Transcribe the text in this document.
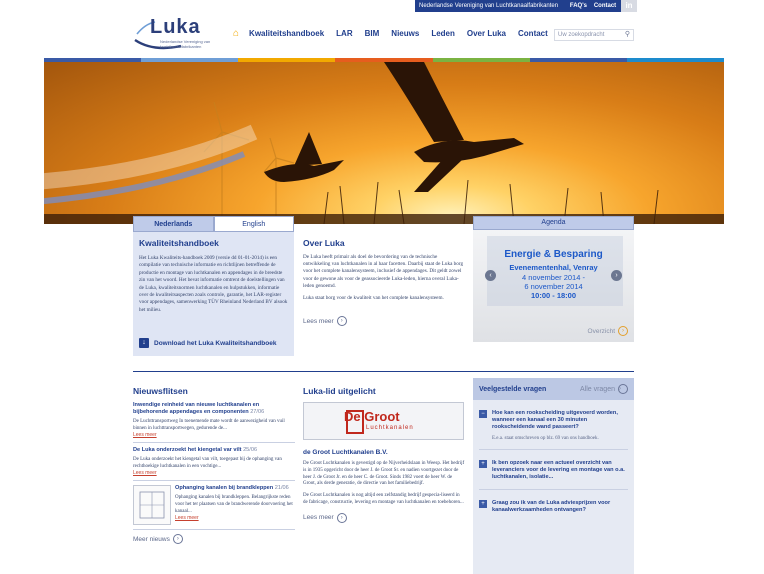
Nederlandse Vereniging van Luchtkanaalfabrikanten	FAQ's	Contact	in
Luka
Nederlandse Vereniging van Luchtkanaalfabrikanten
⌂ Kwaliteitshandboek LAR BIM Nieuws Leden Over Luka Contact	Uw zoekopdracht	⚲
Nederlands	English
Kwaliteitshandboek

Het Luka Kwaliteits-handboek 2009 (versie dd 01-01-2014) is een compilatie van technische informatie en richtlijnen betreffende de productie en montage van luchtkanalen en appendages in de breedste zin van het woord. Het bevat informatie omtrent de doelstellingen van de Luka, kwaliteitsnormen luchtkanalen en hulpstukken, informatie over de kwaliteitsaspecten zoals controle, garantie, het LAR-register voor appendages, samenwerking TÜV Rheinland Nederland BV alsook het milieu.

↓	Download het Luka Kwaliteitshandboek
Over Luka

De Luka heeft primair als doel de bevordering van de technische ontwikkeling van luchtkanalen in al haar facetten. Daarbij staat de Luka borg voor het complete kanalensysteem, inclusief de appendages. Dit geldt zowel voor de gewone als voor de geassocieerde Luka-leden, hierna overal Luka-leden genoemd.

Luka staat borg voor de kwaliteit van het complete kanalensysteem.

Lees meer	›
Agenda
Energie & Besparing
Evenementenhal, Venray
4 november 2014 -
6 november 2014
10:00 - 18:00
‹	›
Overzicht	›
Nieuwsflitsen
Inwendige reinheid van nieuwe luchtkanalen en bijbehorende appendages en componenten 27/06
De Luchttransportweg In toenemende mate wordt de aanwezigheid van vuil binnen in luchttransportwegen, gedurende de...
Lees meer
De Luka onderzoekt het kiengetal var vilt 25/06
De Luka onderzoekt het kiengetal van vilt, toegepast bij de ophanging van rechthoekige luchtkanalen in een vochtige...
Lees meer
Ophanging kanalen bij brandkleppen 21/06
Ophanging kanalen bij brandkleppen. Belangrijkste reden voor het ter plaatsen van de brandwerende doorvoering het kanaal...
Lees meer
Meer nieuws	›
Luka-lid uitgelicht
De Groot
Luchtkanalen
de Groot Luchtkanalen B.V.

De Groot Luchtkanalen is gevestigd op de Nijverheidslaan in Weesp. Het bedrijf is in 1935 opgericht door de heer J. de Groot Sr. en nadien voortgezet door de heer J. de Groot Jr. en de heer C. de Groot. Sinds 1982 voert de heer W. de Groot, als derde generatie, de directie van het familiebedrijf.

De Groot Luchtkanalen is nog altijd een zelfstandig bedrijf gespecia-liseerd in de fabricage, constructie, levering en montage van luchtkanalen en toebehoren...

Lees meer	›
Veelgestelde vragen	Alle vragen ›
−	Hoe kan een rookscheiding uitgevoerd worden, wanneer een kanaal een 30 minuten rookscheidende wand passeert?
E.e.a. staat omschreven op blz. 69 van ons handboek.
+	Ik ben opzoek naar een actueel overzicht van leveranciers voor de levering en montage van o.a. luchtkanalen, isolatie...
+	Graag zou ik van de Luka adviesprijzen voor kanaalwerkzaamheden ontvangen?
